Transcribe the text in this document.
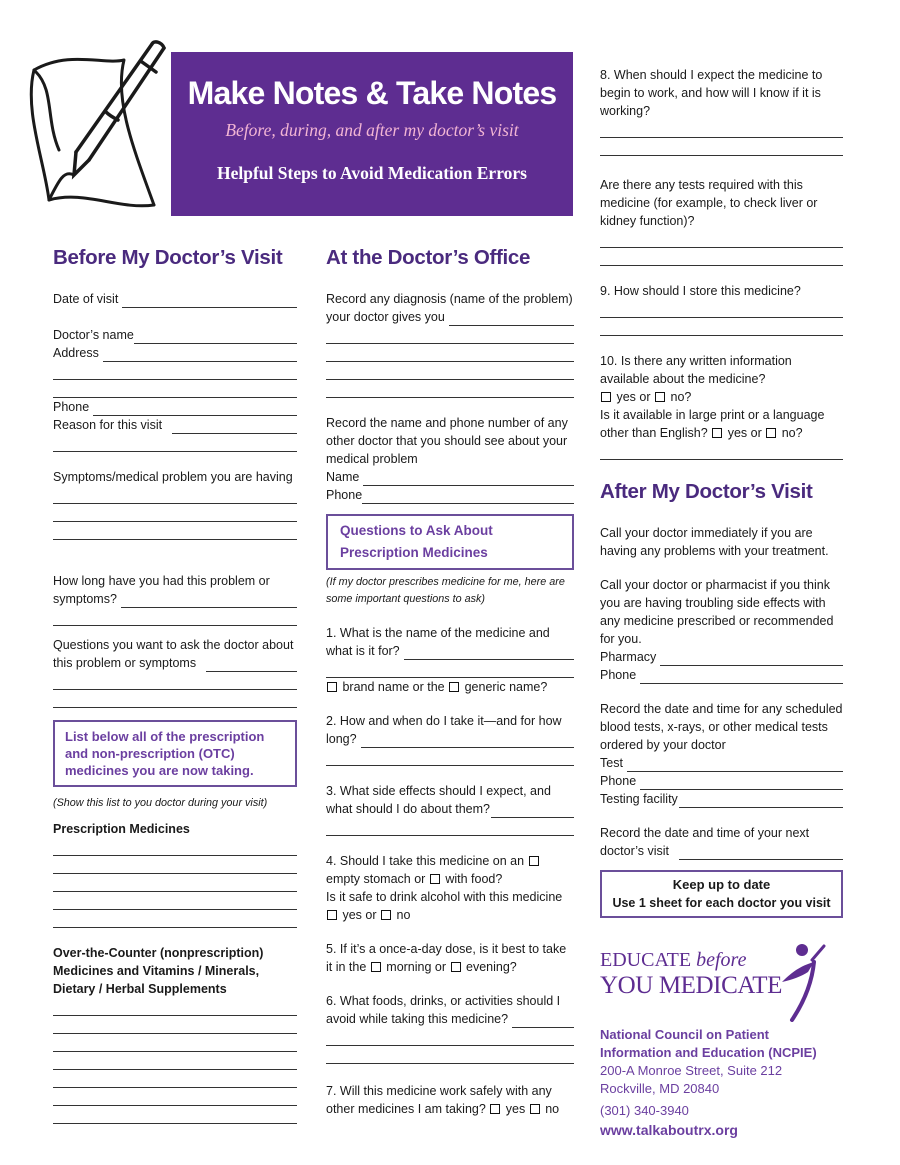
Make Notes & Take Notes

Before, during, and after my doctor’s visit

Helpful Steps to Avoid Medication Errors

Before My Doctor’s Visit

Date of visit
Doctor’s name
Address
Phone
Reason for this visit

Symptoms/medical problem you are having

How long have you had this problem or

symptoms?

Questions you want to ask the doctor about

this problem or symptoms

List below all of the prescription and non-prescription (OTC) medicines you are now taking.

(Show this list to you doctor during your visit)

Prescription Medicines

Over-the-Counter (nonprescription)

Medicines and Vitamins / Minerals,

Dietary / Herbal Supplements

At the Doctor’s Office

Record any diagnosis (name of the problem)

your doctor gives you

Record the name and phone number of any other doctor that you should see about your medical problem

Name
Phone

Questions to Ask About Prescription Medicines

(If my doctor prescribes medicine for me, here are some important questions to ask)

1. What is the name of the medicine and

what is it for?

brand name or the generic name?

2. How and when do I take it—and for how

long?

3. What side effects should I expect, and

what should I do about them?

4. Should I take this medicine on an

empty stomach or with food?

Is it safe to drink alcohol with this medicine

yes or no

5. If it’s a once-a-day dose, is it best to take

it in the morning or evening?

6. What foods, drinks, or activities should I

avoid while taking this medicine?

7. Will this medicine work safely with any

other medicines I am taking? yes no

8. When should I expect the medicine to begin to work, and how will I know if it is working?

Are there any tests required with this medicine (for example, to check liver or kidney function)?

9. How should I store this medicine?

10. Is there any written information

available about the medicine?

yes or no?

Is it available in large print or a language

other than English? yes or no?

After My Doctor’s Visit

Call your doctor immediately if you are having any problems with your treatment.

Call your doctor or pharmacist if you think you are having troubling side effects with any medicine prescribed or recommended for you.

Pharmacy
Phone

Record the date and time for any scheduled blood tests, x-rays, or other medical tests ordered by your doctor

Test
Phone
Testing facility

Record the date and time of your next

doctor’s visit

Keep up to date

Use 1 sheet for each doctor you visit

EDUCATE before
YOU MEDICATE

National Council on Patient

Information and Education (NCPIE)

200-A Monroe Street, Suite 212

Rockville, MD 20840

(301) 340-3940

www.talkaboutrx.org
